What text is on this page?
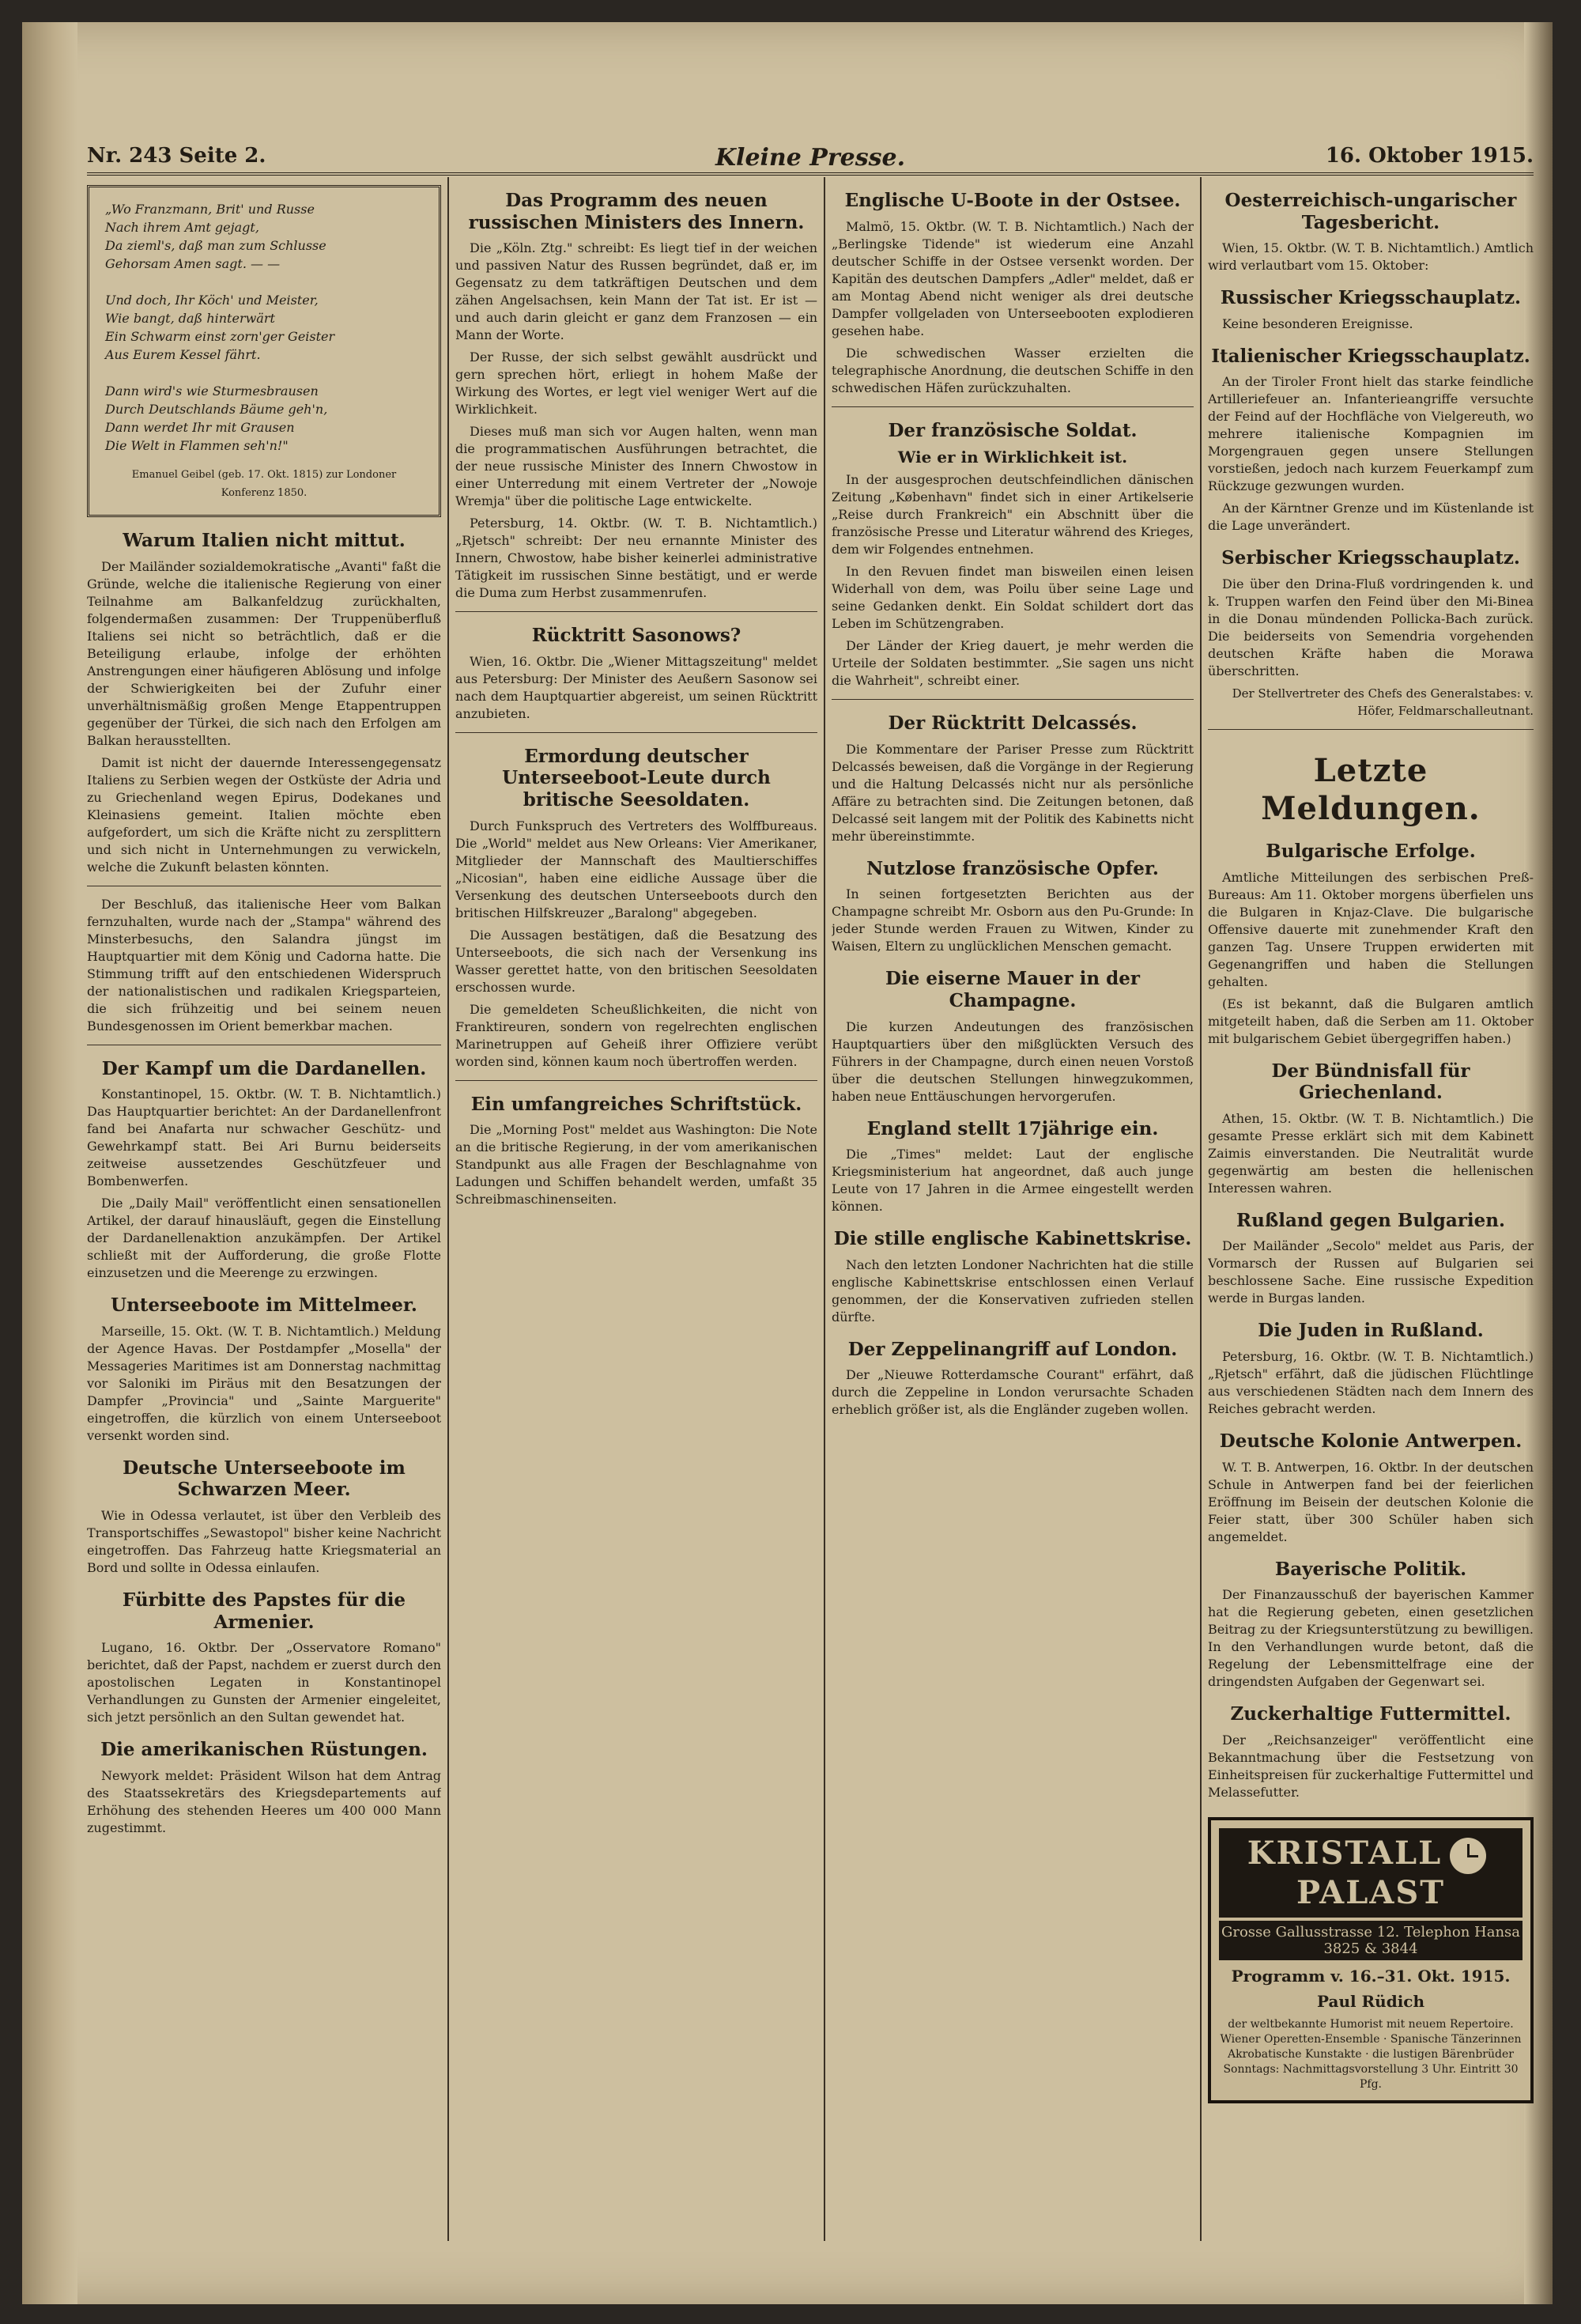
Kleine Presse.
Nr. 243 Seite 2.	16. Oktober 1915.
„Wo Franzmann, Brit' und Russe
Nach ihrem Amt gejagt,
Da zieml's, daß man zum Schlusse
Gehorsam Amen sagt. — —

Und doch, Ihr Köch' und Meister,
Wie bangt, daß hinterwärt
Ein Schwarm einst zorn'ger Geister
Aus Eurem Kessel fährt.

Dann wird's wie Sturmesbrausen
Durch Deutschlands Bäume geh'n,
Dann werdet Ihr mit Grausen
Die Welt in Flammen seh'n!"
Emanuel Geibel (geb. 17. Okt. 1815) zur Londoner Konferenz 1850.
Warum Italien nicht mittut.

Der Mailänder sozialdemokratische „Avanti" faßt die Gründe, welche die italienische Regierung von einer Teilnahme am Balkanfeldzug zurückhalten, folgendermaßen zusammen: Der Truppenüberfluß Italiens sei nicht so beträchtlich, daß er die Beteiligung erlaube, infolge der erhöhten Anstrengungen einer häufigeren Ablösung und infolge der Schwierigkeiten bei der Zufuhr einer unverhältnismäßig großen Menge Etappentruppen gegenüber der Türkei, die sich nach den Erfolgen am Balkan herausstellten.

Damit ist nicht der dauernde Interessengegensatz Italiens zu Serbien wegen der Ostküste der Adria und zu Griechenland wegen Epirus, Dodekanes und Kleinasiens gemeint. Italien möchte eben aufgefordert, um sich die Kräfte nicht zu zersplittern und sich nicht in Unternehmungen zu verwickeln, welche die Zukunft belasten könnten.

Der Beschluß, das italienische Heer vom Balkan fernzuhalten, wurde nach der „Stampa" während des Minsterbesuchs, den Salandra jüngst im Hauptquartier mit dem König und Cadorna hatte. Die Stimmung trifft auf den entschiedenen Widerspruch der nationalistischen und radikalen Kriegsparteien, die sich frühzeitig und bei seinem neuen Bundesgenossen im Orient bemerkbar machen.

Der Kampf um die Dardanellen.

Konstantinopel, 15. Oktbr. (W. T. B. Nichtamtlich.) Das Hauptquartier berichtet: An der Dardanellenfront fand bei Anafarta nur schwacher Geschütz- und Gewehrkampf statt. Bei Ari Burnu beiderseits zeitweise aussetzendes Geschützfeuer und Bombenwerfen.

Die „Daily Mail" veröffentlicht einen sensationellen Artikel, der darauf hinausläuft, gegen die Einstellung der Dardanellenaktion anzukämpfen. Der Artikel schließt mit der Aufforderung, die große Flotte einzusetzen und die Meerenge zu erzwingen.

Unterseeboote im Mittelmeer.

Marseille, 15. Okt. (W. T. B. Nichtamtlich.) Meldung der Agence Havas. Der Postdampfer „Mosella" der Messageries Maritimes ist am Donnerstag nachmittag vor Saloniki im Piräus mit den Besatzungen der Dampfer „Provincia" und „Sainte Marguerite" eingetroffen, die kürzlich von einem Unterseeboot versenkt worden sind.

Deutsche Unterseeboote im Schwarzen Meer.

Wie in Odessa verlautet, ist über den Verbleib des Transportschiffes „Sewastopol" bisher keine Nachricht eingetroffen. Das Fahrzeug hatte Kriegsmaterial an Bord und sollte in Odessa einlaufen.

Fürbitte des Papstes für die Armenier.

Lugano, 16. Oktbr. Der „Osservatore Romano" berichtet, daß der Papst, nachdem er zuerst durch den apostolischen Legaten in Konstantinopel Verhandlungen zu Gunsten der Armenier eingeleitet, sich jetzt persönlich an den Sultan gewendet hat.

Die amerikanischen Rüstungen.

Newyork meldet: Präsident Wilson hat dem Antrag des Staatssekretärs des Kriegsdepartements auf Erhöhung des stehenden Heeres um 400 000 Mann zugestimmt.

Das Programm des neuen russischen Ministers des Innern.

Die „Köln. Ztg." schreibt: Es liegt tief in der weichen und passiven Natur des Russen begründet, daß er, im Gegensatz zu dem tatkräftigen Deutschen und dem zähen Angelsachsen, kein Mann der Tat ist. Er ist — und auch darin gleicht er ganz dem Franzosen — ein Mann der Worte.

Der Russe, der sich selbst gewählt ausdrückt und gern sprechen hört, erliegt in hohem Maße der Wirkung des Wortes, er legt viel weniger Wert auf die Wirklichkeit.

Dieses muß man sich vor Augen halten, wenn man die programmatischen Ausführungen betrachtet, die der neue russische Minister des Innern Chwostow in einer Unterredung mit einem Vertreter der „Nowoje Wremja" über die politische Lage entwickelte.

Petersburg, 14. Oktbr. (W. T. B. Nichtamtlich.) „Rjetsch" schreibt: Der neu ernannte Minister des Innern, Chwostow, habe bisher keinerlei administrative Tätigkeit im russischen Sinne bestätigt, und er werde die Duma zum Herbst zusammenrufen.

Rücktritt Sasonows?

Wien, 16. Oktbr. Die „Wiener Mittagszeitung" meldet aus Petersburg: Der Minister des Aeußern Sasonow sei nach dem Hauptquartier abgereist, um seinen Rücktritt anzubieten.

Ermordung deutscher Unterseeboot-Leute durch britische Seesoldaten.

Durch Funkspruch des Vertreters des Wolffbureaus. Die „World" meldet aus New Orleans: Vier Amerikaner, Mitglieder der Mannschaft des Maultierschiffes „Nicosian", haben eine eidliche Aussage über die Versenkung des deutschen Unterseeboots durch den britischen Hilfskreuzer „Baralong" abgegeben.

Die Aussagen bestätigen, daß die Besatzung des Unterseeboots, die sich nach der Versenkung ins Wasser gerettet hatte, von den britischen Seesoldaten erschossen wurde.

Die gemeldeten Scheußlichkeiten, die nicht von Franktireuren, sondern von regelrechten englischen Marinetruppen auf Geheiß ihrer Offiziere verübt worden sind, können kaum noch übertroffen werden.

Ein umfangreiches Schriftstück.

Die „Morning Post" meldet aus Washington: Die Note an die britische Regierung, in der vom amerikanischen Standpunkt aus alle Fragen der Beschlagnahme von Ladungen und Schiffen behandelt werden, umfaßt 35 Schreibmaschinenseiten.

Englische U-Boote in der Ostsee.

Malmö, 15. Oktbr. (W. T. B. Nichtamtlich.) Nach der „Berlingske Tidende" ist wiederum eine Anzahl deutscher Schiffe in der Ostsee versenkt worden. Der Kapitän des deutschen Dampfers „Adler" meldet, daß er am Montag Abend nicht weniger als drei deutsche Dampfer vollgeladen von Unterseebooten explodieren gesehen habe.

Die schwedischen Wasser erzielten die telegraphische Anordnung, die deutschen Schiffe in den schwedischen Häfen zurückzuhalten.

Der französische Soldat.
Wie er in Wirklichkeit ist.

In der ausgesprochen deutschfeindlichen dänischen Zeitung „København" findet sich in einer Artikelserie „Reise durch Frankreich" ein Abschnitt über die französische Presse und Literatur während des Krieges, dem wir Folgendes entnehmen.

In den Revuen findet man bisweilen einen leisen Widerhall von dem, was Poilu über seine Lage und seine Gedanken denkt. Ein Soldat schildert dort das Leben im Schützengraben.

Der Länder der Krieg dauert, je mehr werden die Urteile der Soldaten bestimmter. „Sie sagen uns nicht die Wahrheit", schreibt einer.

Der Rücktritt Delcassés.

Die Kommentare der Pariser Presse zum Rücktritt Delcassés beweisen, daß die Vorgänge in der Regierung und die Haltung Delcassés nicht nur als persönliche Affäre zu betrachten sind. Die Zeitungen betonen, daß Delcassé seit langem mit der Politik des Kabinetts nicht mehr übereinstimmte.

Nutzlose französische Opfer.

In seinen fortgesetzten Berichten aus der Champagne schreibt Mr. Osborn aus den Pu-Grunde: In jeder Stunde werden Frauen zu Witwen, Kinder zu Waisen, Eltern zu unglücklichen Menschen gemacht.

Die eiserne Mauer in der Champagne.

Die kurzen Andeutungen des französischen Hauptquartiers über den mißglückten Versuch des Führers in der Champagne, durch einen neuen Vorstoß über die deutschen Stellungen hinwegzukommen, haben neue Enttäuschungen hervorgerufen.

England stellt 17jährige ein.

Die „Times" meldet: Laut der englische Kriegsministerium hat angeordnet, daß auch junge Leute von 17 Jahren in die Armee eingestellt werden können.

Die stille englische Kabinettskrise.

Nach den letzten Londoner Nachrichten hat die stille englische Kabinettskrise entschlossen einen Verlauf genommen, der die Konservativen zufrieden stellen dürfte.

Der Zeppelinangriff auf London.

Der „Nieuwe Rotterdamsche Courant" erfährt, daß durch die Zeppeline in London verursachte Schaden erheblich größer ist, als die Engländer zugeben wollen.

Oesterreichisch-ungarischer Tagesbericht.

Wien, 15. Oktbr. (W. T. B. Nichtamtlich.) Amtlich wird verlautbart vom 15. Oktober:

Russischer Kriegsschauplatz.

Keine besonderen Ereignisse.

Italienischer Kriegsschauplatz.

An der Tiroler Front hielt das starke feindliche Artilleriefeuer an. Infanterieangriffe versuchte der Feind auf der Hochfläche von Vielgereuth, wo mehrere italienische Kompagnien im Morgengrauen gegen unsere Stellungen vorstießen, jedoch nach kurzem Feuerkampf zum Rückzuge gezwungen wurden.

An der Kärntner Grenze und im Küstenlande ist die Lage unverändert.

Serbischer Kriegsschauplatz.

Die über den Drina-Fluß vordringenden k. und k. Truppen warfen den Feind über den Mi-Binea in die Donau mündenden Pollicka-Bach zurück. Die beiderseits von Semendria vorgehenden deutschen Kräfte haben die Morawa überschritten.

Der Stellvertreter des Chefs des Generalstabes: v. Höfer, Feldmarschalleutnant.

Letzte Meldungen.
Bulgarische Erfolge.

Amtliche Mitteilungen des serbischen Preß-Bureaus: Am 11. Oktober morgens überfielen uns die Bulgaren in Knjaz-Clave. Die bulgarische Offensive dauerte mit zunehmender Kraft den ganzen Tag. Unsere Truppen erwiderten mit Gegenangriffen und haben die Stellungen gehalten.

(Es ist bekannt, daß die Bulgaren amtlich mitgeteilt haben, daß die Serben am 11. Oktober mit bulgarischem Gebiet übergegriffen haben.)

Der Bündnisfall für Griechenland.

Athen, 15. Oktbr. (W. T. B. Nichtamtlich.) Die gesamte Presse erklärt sich mit dem Kabinett Zaimis einverstanden. Die Neutralität wurde gegenwärtig am besten die hellenischen Interessen wahren.

Rußland gegen Bulgarien.

Der Mailänder „Secolo" meldet aus Paris, der Vormarsch der Russen auf Bulgarien sei beschlossene Sache. Eine russische Expedition werde in Burgas landen.

Die Juden in Rußland.

Petersburg, 16. Oktbr. (W. T. B. Nichtamtlich.) „Rjetsch" erfährt, daß die jüdischen Flüchtlinge aus verschiedenen Städten nach dem Innern des Reiches gebracht werden.

Deutsche Kolonie Antwerpen.

W. T. B. Antwerpen, 16. Oktbr. In der deutschen Schule in Antwerpen fand bei der feierlichen Eröffnung im Beisein der deutschen Kolonie die Feier statt, über 300 Schüler haben sich angemeldet.

Bayerische Politik.

Der Finanzausschuß der bayerischen Kammer hat die Regierung gebeten, einen gesetzlichen Beitrag zu der Kriegsunterstützung zu bewilligen. In den Verhandlungen wurde betont, daß die Regelung der Lebensmittelfrage eine der dringendsten Aufgaben der Gegenwart sei.

Zuckerhaltige Futtermittel.

Der „Reichsanzeiger" veröffentlicht eine Bekanntmachung über die Festsetzung von Einheitspreisen für zuckerhaltige Futtermittel und Melassefutter.

KRISTALL
PALAST
Grosse Gallusstrasse 12. Telephon Hansa 3825 & 3844
Programm v. 16.–31. Okt. 1915.
Paul Rüdich
der weltbekannte Humorist mit neuem Repertoire.
Wiener Operetten-Ensemble · Spanische Tänzerinnen
Akrobatische Kunstakte · die lustigen Bärenbrüder
Sonntags: Nachmittagsvorstellung 3 Uhr. Eintritt 30 Pfg.
